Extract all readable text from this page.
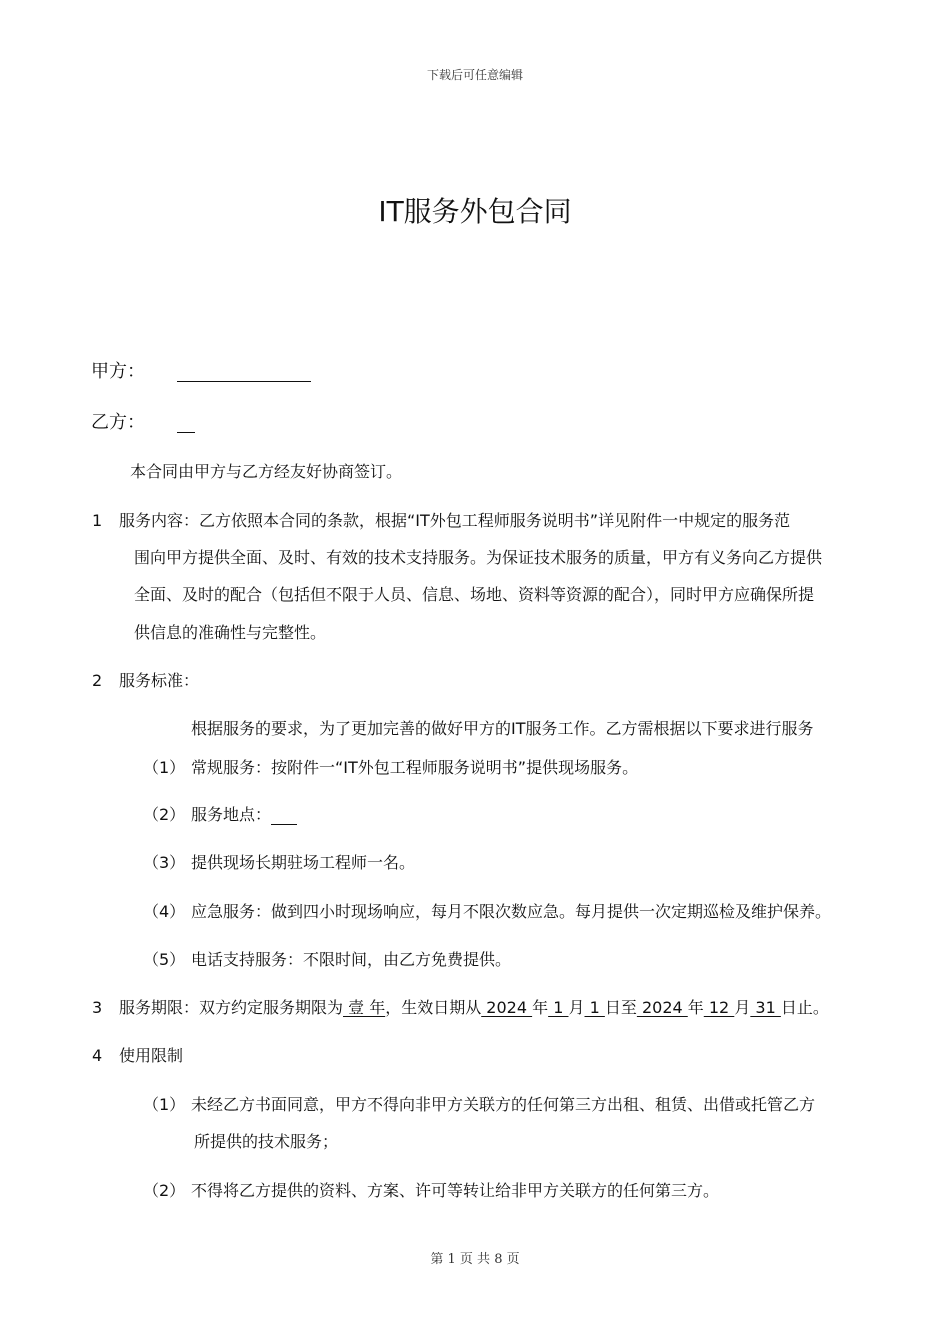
下载后可任意编辑
IT服务外包合同
甲方：
乙方：
本合同由甲方与乙方经友好协商签订。
1 服务内容：乙方依照本合同的条款，根据“IT外包工程师服务说明书”详见附件一中规定的服务范
围向甲方提供全面、及时、有效的技术支持服务。为保证技术服务的质量，甲方有义务向乙方提供
全面、及时的配合（包括但不限于人员、信息、场地、资料等资源的配合），同时甲方应确保所提
供信息的准确性与完整性。
2 服务标准：
根据服务的要求，为了更加完善的做好甲方的IT服务工作。乙方需根据以下要求进行服务
（1） 常规服务：按附件一“IT外包工程师服务说明书”提供现场服务。
（2） 服务地点：
（3） 提供现场长期驻场工程师一名。
（4） 应急服务：做到四小时现场响应，每月不限次数应急。每月提供一次定期巡检及维护保养。
（5） 电话支持服务：不限时间，由乙方免费提供。
3 服务期限：双方约定服务期限为 壹 年，生效日期从 2024 年 1 月 1 日至 2024 年 12 月 31 日止。
4 使用限制
（1） 未经乙方书面同意，甲方不得向非甲方关联方的任何第三方出租、租赁、出借或托管乙方
所提供的技术服务；
（2） 不得将乙方提供的资料、方案、许可等转让给非甲方关联方的任何第三方。
第 1 页 共 8 页
